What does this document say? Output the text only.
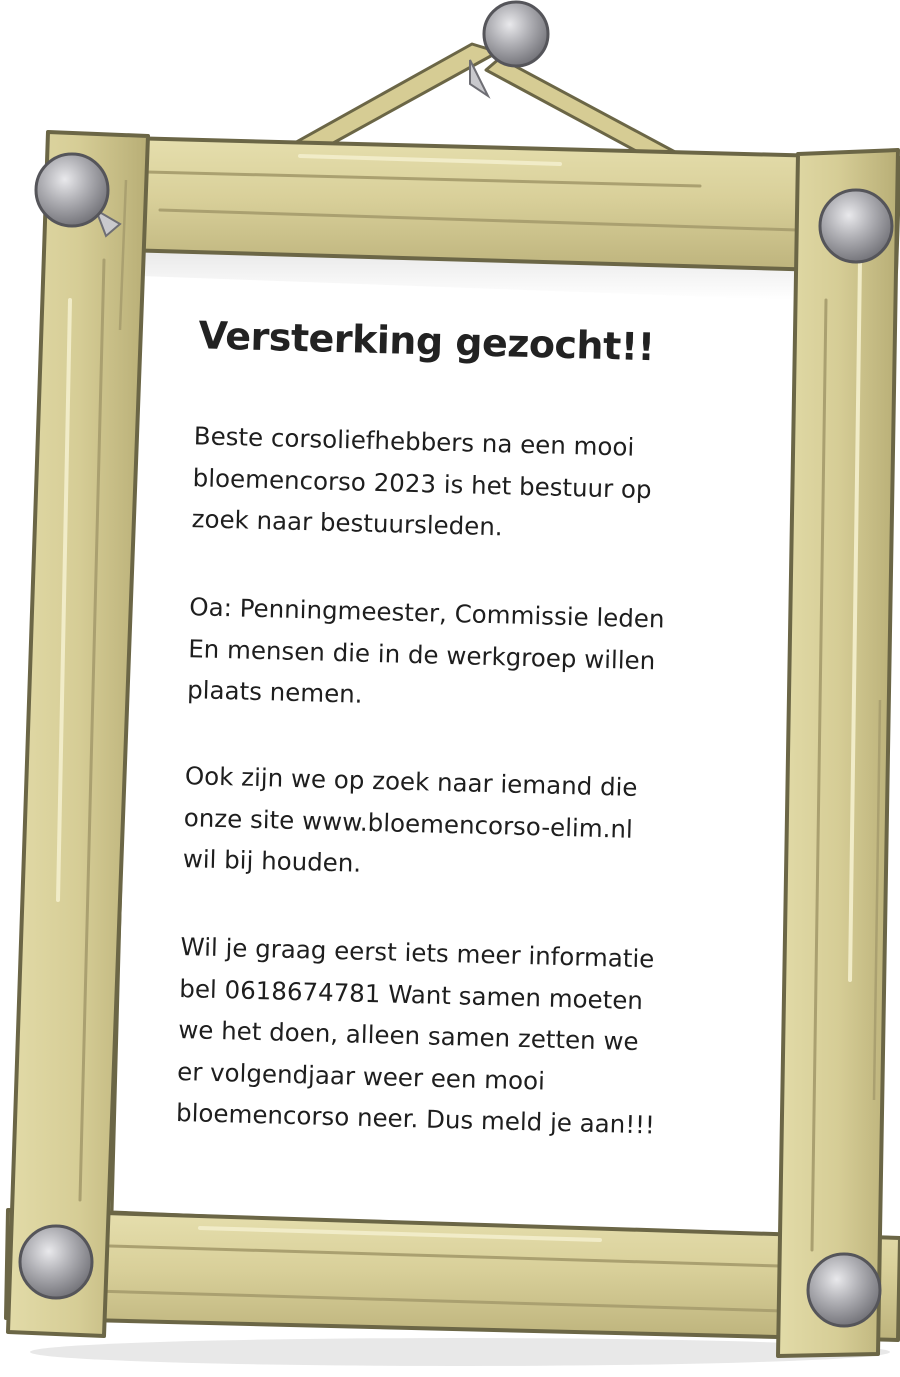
Versterking gezocht!!

Beste corsoliefhebbers na een mooi
bloemencorso 2023 is het bestuur op
zoek naar bestuursleden.

Oa: Penningmeester, Commissie leden
En mensen die in de werkgroep willen
plaats nemen.

Ook zijn we op zoek naar iemand die
onze site www.bloemencorso-elim.nl
wil bij houden.

Wil je graag eerst iets meer informatie
bel 0618674781 Want samen moeten
we het doen, alleen samen zetten we
er volgendjaar weer een mooi
bloemencorso neer. Dus meld je aan!!!
